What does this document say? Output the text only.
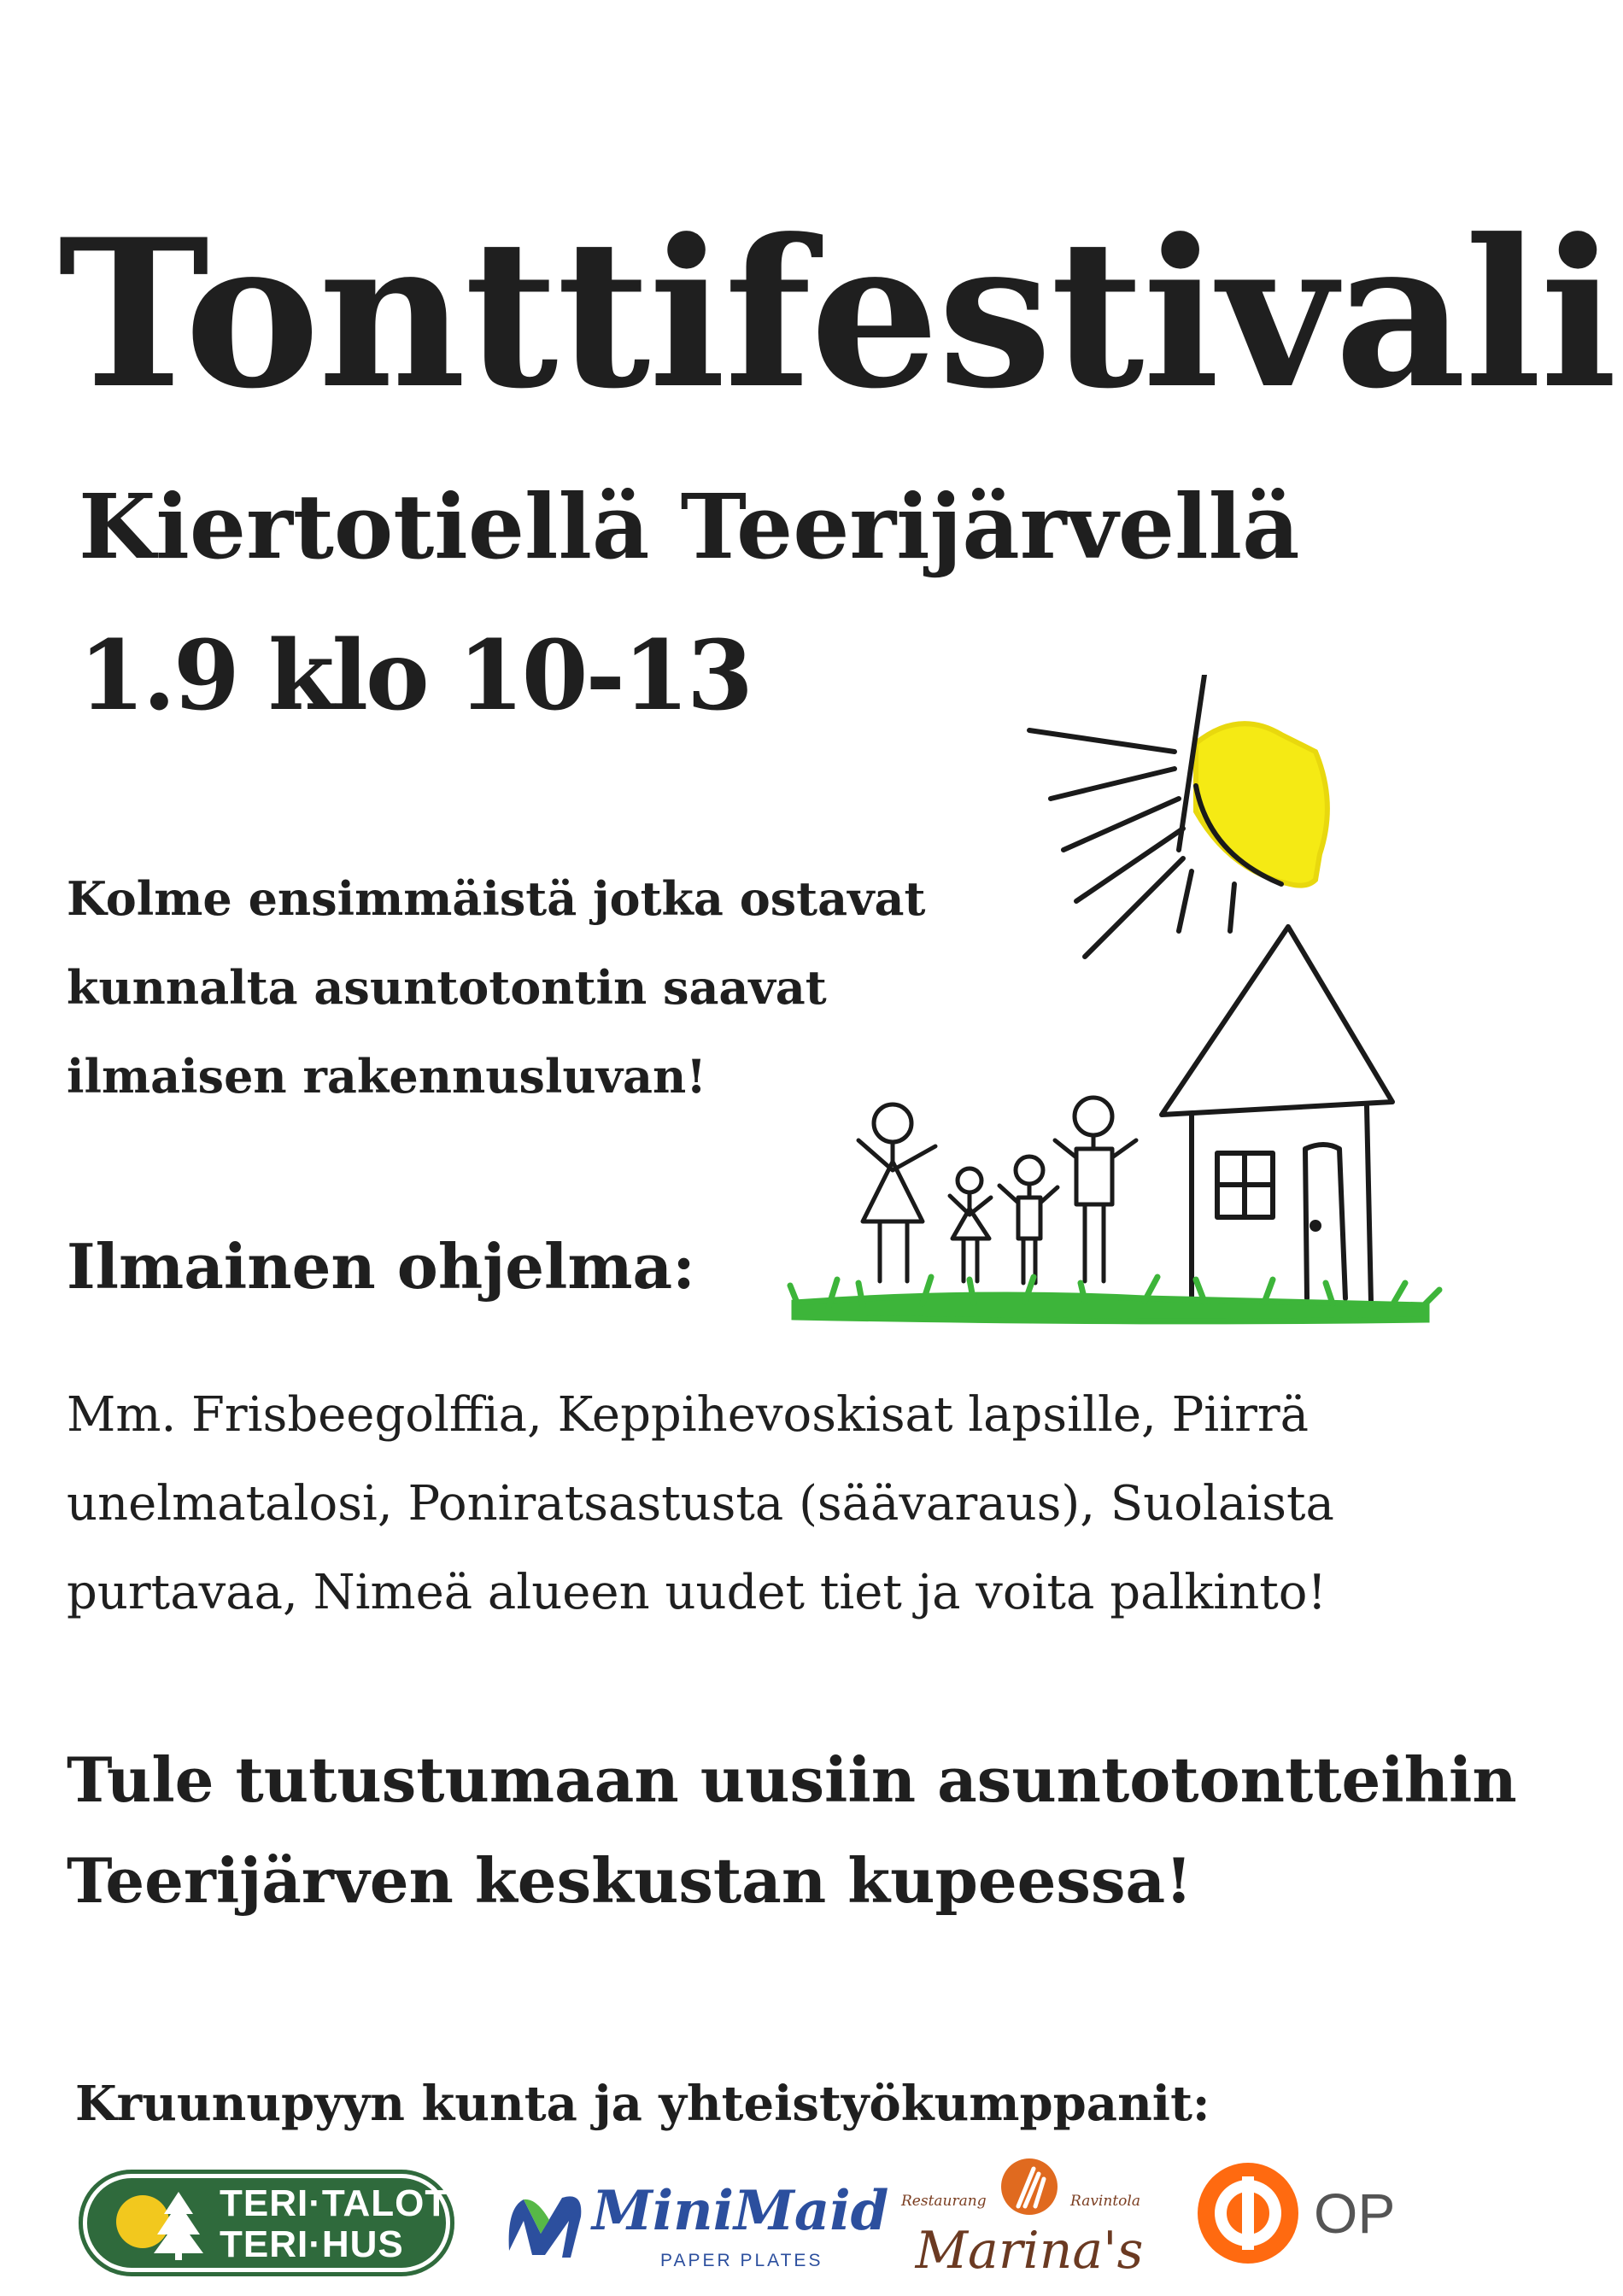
Tonttifestivali
Kiertotiellä Teerijärvellä
1.9 klo 10-13
Kolme ensimmäistä jotka ostavat
kunnalta asuntotontin saavat
ilmaisen rakennusluvan!
Ilmainen ohjelma:
Mm. Frisbeegolffia, Keppihevoskisat lapsille, Piirrä
unelmatalosi, Poniratsastusta (säävaraus), Suolaista
purtavaa, Nimeä alueen uudet tiet ja voita palkinto!
Tule tutustumaan uusiin asuntotontteihin
Teerijärven keskustan kupeessa!
Kruunupyyn kunta ja yhteistyökumppanit:
TERI·TALOT
TERI·HUS
MiniMaid
PAPER PLATES
Restaurang	Ravintola
Marina's
OP
